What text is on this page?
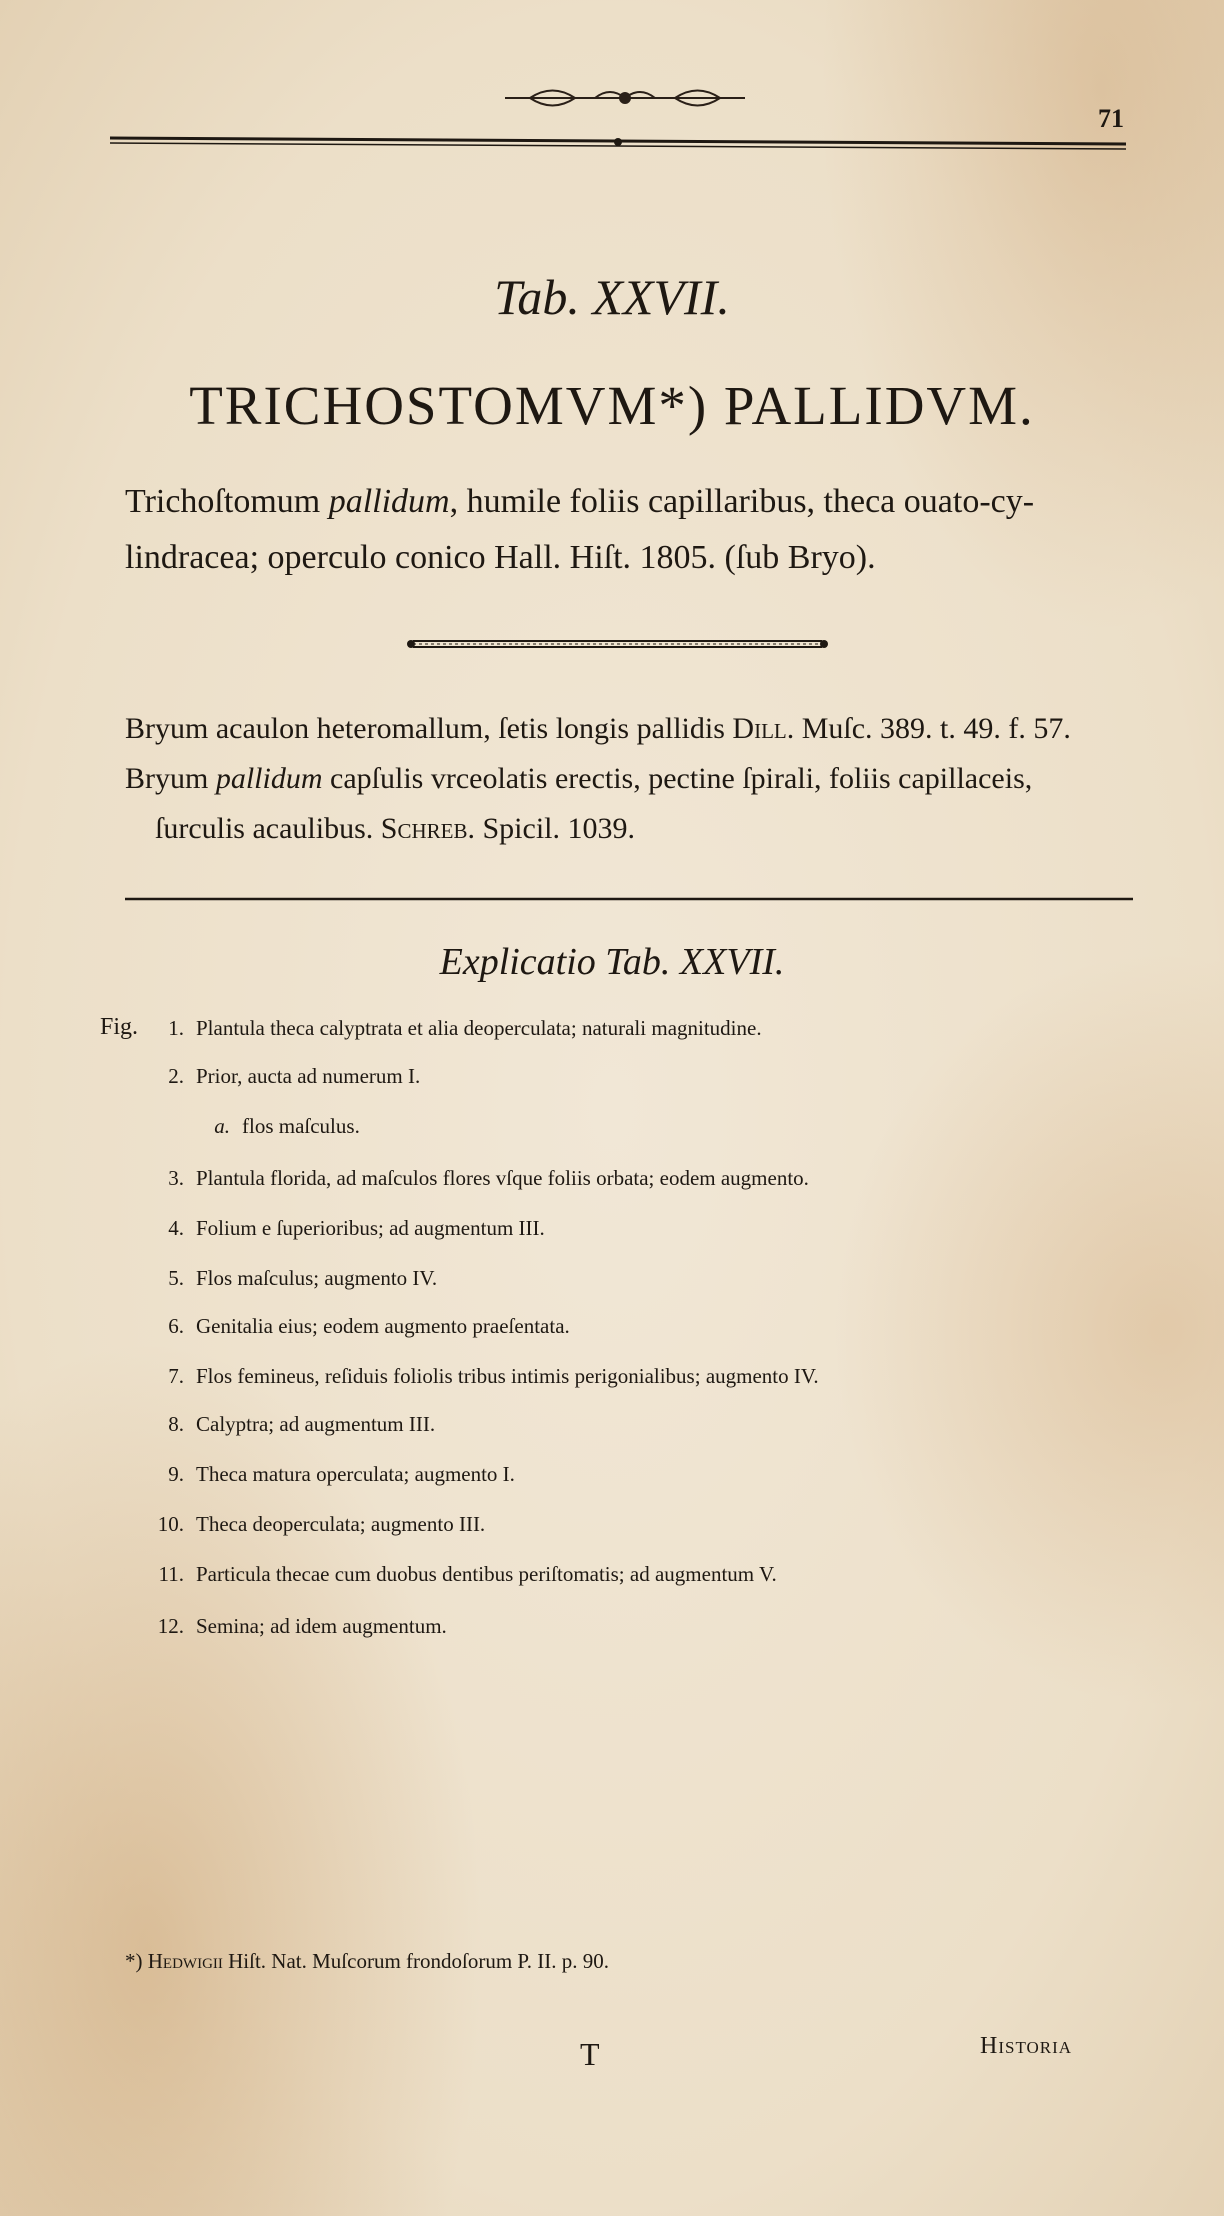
71
Tab. XXVII.
TRICHOSTOMVM*) PALLIDVM.
Trichoſtomum pallidum, humile foliis capillaribus, theca ouato-cy-
lindracea; operculo conico Hall. Hiſt. 1805. (ſub Bryo).
Bryum acaulon heteromallum, ſetis longis pallidis Dill. Muſc. 389. t. 49. f. 57.
Bryum pallidum capſulis vrceolatis erectis, pectine ſpirali, foliis capillaceis,
ſurculis acaulibus. Schreb. Spicil. 1039.
Explicatio Tab. XXVII.
Fig.	1. Plantula theca calyptrata et alia deoperculata; naturali magnitudine.
2. Prior, aucta ad numerum I.
a. flos maſculus.
3. Plantula florida, ad maſculos flores vſque foliis orbata; eodem augmento.
4. Folium e ſuperioribus; ad augmentum III.
5. Flos maſculus; augmento IV.
6. Genitalia eius; eodem augmento praeſentata.
7. Flos femineus, reſiduis foliolis tribus intimis perigonialibus; augmento IV.
8. Calyptra; ad augmentum III.
9. Theca matura operculata; augmento I.
10. Theca deoperculata; augmento III.
11. Particula thecae cum duobus dentibus periſtomatis; ad augmentum V.
12. Semina; ad idem augmentum.
*) Hedwigii Hiſt. Nat. Muſcorum frondoſorum P. II. p. 90.
T	Historia
